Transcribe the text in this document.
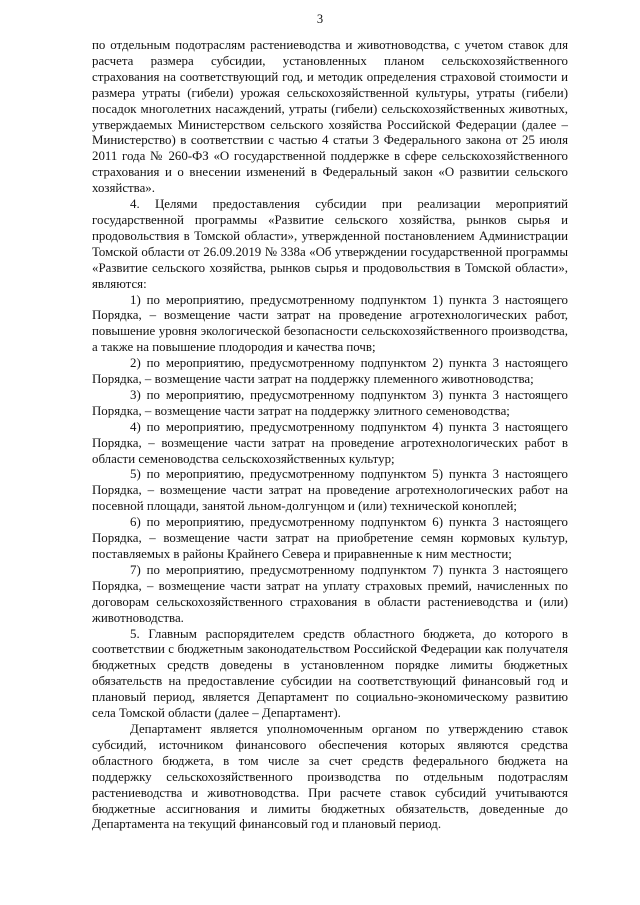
3

по отдельным подотраслям растениеводства и животноводства, с учетом ставок для расчета размера субсидии, установленных планом сельскохозяйственного страхования на соответствующий год, и методик определения страховой стоимости и размера утраты (гибели) урожая сельскохозяйственной культуры, утраты (гибели) посадок многолетних насаждений, утраты (гибели) сельскохозяйственных животных, утверждаемых Министерством сельского хозяйства Российской Федерации (далее – Министерство) в соответствии с частью 4 статьи 3 Федерального закона от 25 июля 2011 года № 260-ФЗ «О государственной поддержке в сфере сельскохозяйственного страхования и о внесении изменений в Федеральный закон «О развитии сельского хозяйства».

4. Целями предоставления субсидии при реализации мероприятий государственной программы «Развитие сельского хозяйства, рынков сырья и продовольствия в Томской области», утвержденной постановлением Администрации Томской области от 26.09.2019 № 338а «Об утверждении государственной программы «Развитие сельского хозяйства, рынков сырья и продовольствия в Томской области», являются:

1) по мероприятию, предусмотренному подпунктом 1) пункта 3 настоящего Порядка, – возмещение части затрат на проведение агротехнологических работ, повышение уровня экологической безопасности сельскохозяйственного производства, а также на повышение плодородия и качества почв;

2) по мероприятию, предусмотренному подпунктом 2) пункта 3 настоящего Порядка, – возмещение части затрат на поддержку племенного животноводства;

3) по мероприятию, предусмотренному подпунктом 3) пункта 3 настоящего Порядка, – возмещение части затрат на поддержку элитного семеноводства;

4) по мероприятию, предусмотренному подпунктом 4) пункта 3 настоящего Порядка, – возмещение части затрат на проведение агротехнологических работ в области семеноводства сельскохозяйственных культур;

5) по мероприятию, предусмотренному подпунктом 5) пункта 3 настоящего Порядка, – возмещение части затрат на проведение агротехнологических работ на посевной площади, занятой льном-долгунцом и (или) технической коноплей;

6) по мероприятию, предусмотренному подпунктом 6) пункта 3 настоящего Порядка, – возмещение части затрат на приобретение семян кормовых культур, поставляемых в районы Крайнего Севера и приравненные к ним местности;

7) по мероприятию, предусмотренному подпунктом 7) пункта 3 настоящего Порядка, – возмещение части затрат на уплату страховых премий, начисленных по договорам сельскохозяйственного страхования в области растениеводства и (или) животноводства.

5. Главным распорядителем средств областного бюджета, до которого в соответствии с бюджетным законодательством Российской Федерации как получателя бюджетных средств доведены в установленном порядке лимиты бюджетных обязательств на предоставление субсидии на соответствующий финансовый год и плановый период, является Департамент по социально-экономическому развитию села Томской области (далее – Департамент).

Департамент является уполномоченным органом по утверждению ставок субсидий, источником финансового обеспечения которых являются средства областного бюджета, в том числе за счет средств федерального бюджета на поддержку сельскохозяйственного производства по отдельным подотраслям растениеводства и животноводства. При расчете ставок субсидий учитываются бюджетные ассигнования и лимиты бюджетных обязательств, доведенные до Департамента на текущий финансовый год и плановый период.
